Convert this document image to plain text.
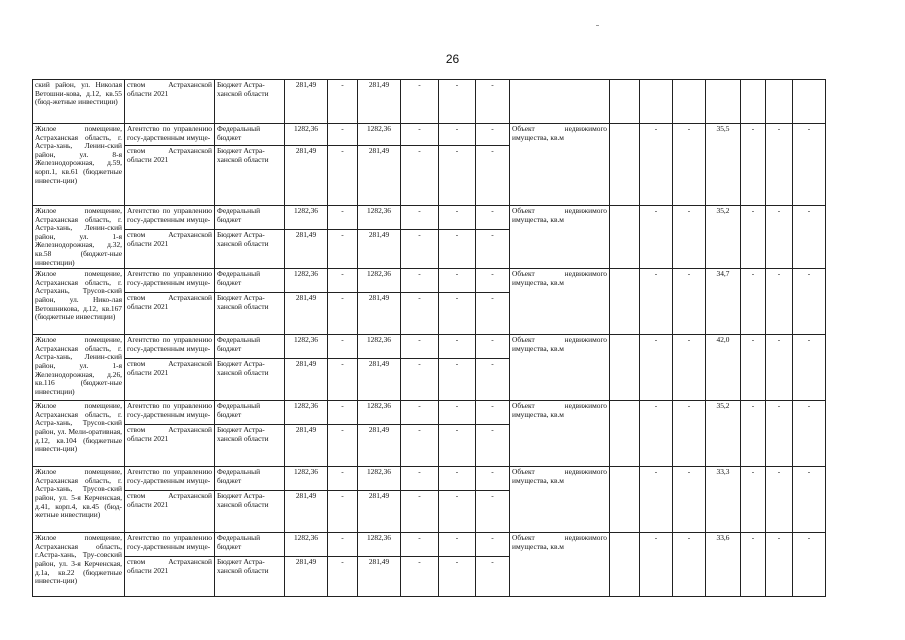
26
ский район, ул. Николая Ветошни-кова, д.12, кв.55 (бюд-жетные инвестиции)	ством Астраханской области 2021	Бюджет Астра-ханской области	281,49	-	281,49	-	-	-								
Жилое помещение, Астраханская область, г. Астра-хань, Ленин-ский район, ул. 8-я Железнодорожная, д.59, корп.1, кв.61 (бюджетные инвести-ции)	Агентство по управлению госу-дарственным имуще-	Федеральный бюджет	1282,36	-	1282,36	-	-	-	Объект недвижимого имущества, кв.м		-	-	35,5	-	-	-
	ством Астраханской области 2021	Бюджет Астра-ханской области	281,49	-	281,49	-	-	-								
Жилое помещение, Астраханская область, г. Астра-хань, Ленин-ский район, ул. 1-я Железнодорожная, д.32, кв.58 (бюджет-ные инвестиции)	Агентство по управлению госу-дарственным имуще-	Федеральный бюджет	1282,36	-	1282,36	-	-	-	Объект недвижимого имущества, кв.м		-	-	35,2	-	-	-
	ством Астраханской области 2021	Бюджет Астра-ханской области	281,49	-	281,49	-	-	-								
Жилое помещение, Астраханская область, г. Астрахань, Трусов-ский район, ул. Нико-лая Ветошникова, д.12, кв.167 (бюджетные инвестиции)	Агентство по управлению госу-дарственным имуще-	Федеральный бюджет	1282,36	-	1282,36	-	-	-	Объект недвижимого имущества, кв.м		-	-	34,7	-	-	-
	ством Астраханской области 2021	Бюджет Астра-ханской области	281,49	-	281,49	-	-	-								
Жилое помещение, Астраханская область, г. Астра-хань, Ленин-ский район, ул. 1-я Железнодорожная, д.26, кв.116 (бюджет-ные инвестиции)	Агентство по управлению госу-дарственным имуще-	Федеральный бюджет	1282,36	-	1282,36	-	-	-	Объект недвижимого имущества, кв.м		-	-	42,0	-	-	-
	ством Астраханской области 2021	Бюджет Астра-ханской области	281,49	-	281,49	-	-	-								
Жилое помещение, Астраханская область, г. Астра-хань, Трусов-ский район, ул. Мели-оративная, д.12, кв.104 (бюджетные инвести-ции)	Агентство по управлению госу-дарственным имуще-	Федеральный бюджет	1282,36	-	1282,36	-	-	-	Объект недвижимого имущества, кв.м		-	-	35,2	-	-	-
	ством Астраханской области 2021	Бюджет Астра-ханской области	281,49	-	281,49	-	-	-								
Жилое помещение, Астраханская область, г. Астра-хань, Трусов-ский район, ул. 5-я Керченская, д.41, корп.4, кв.45 (бюд-жетные инвестиции)	Агентство по управлению госу-дарственным имуще-	Федеральный бюджет	1282,36	-	1282,36	-	-	-	Объект недвижимого имущества, кв.м		-	-	33,3	-	-	-
	ством Астраханской области 2021	Бюджет Астра-ханской области	281,49	-	281,49	-	-	-								
Жилое помещение, Астраханская область, г.Астра-хань, Тру-совский район, ул. 3-я Керченская, д.1а, кв.22 (бюджетные инвести-ции)	Агентство по управлению госу-дарственным имуще-	Федеральный бюджет	1282,36	-	1282,36	-	-	-	Объект недвижимого имущества, кв.м		-	-	33,6	-	-	-
	ством Астраханской области 2021	Бюджет Астра-ханской области	281,49	-	281,49	-	-	-								
